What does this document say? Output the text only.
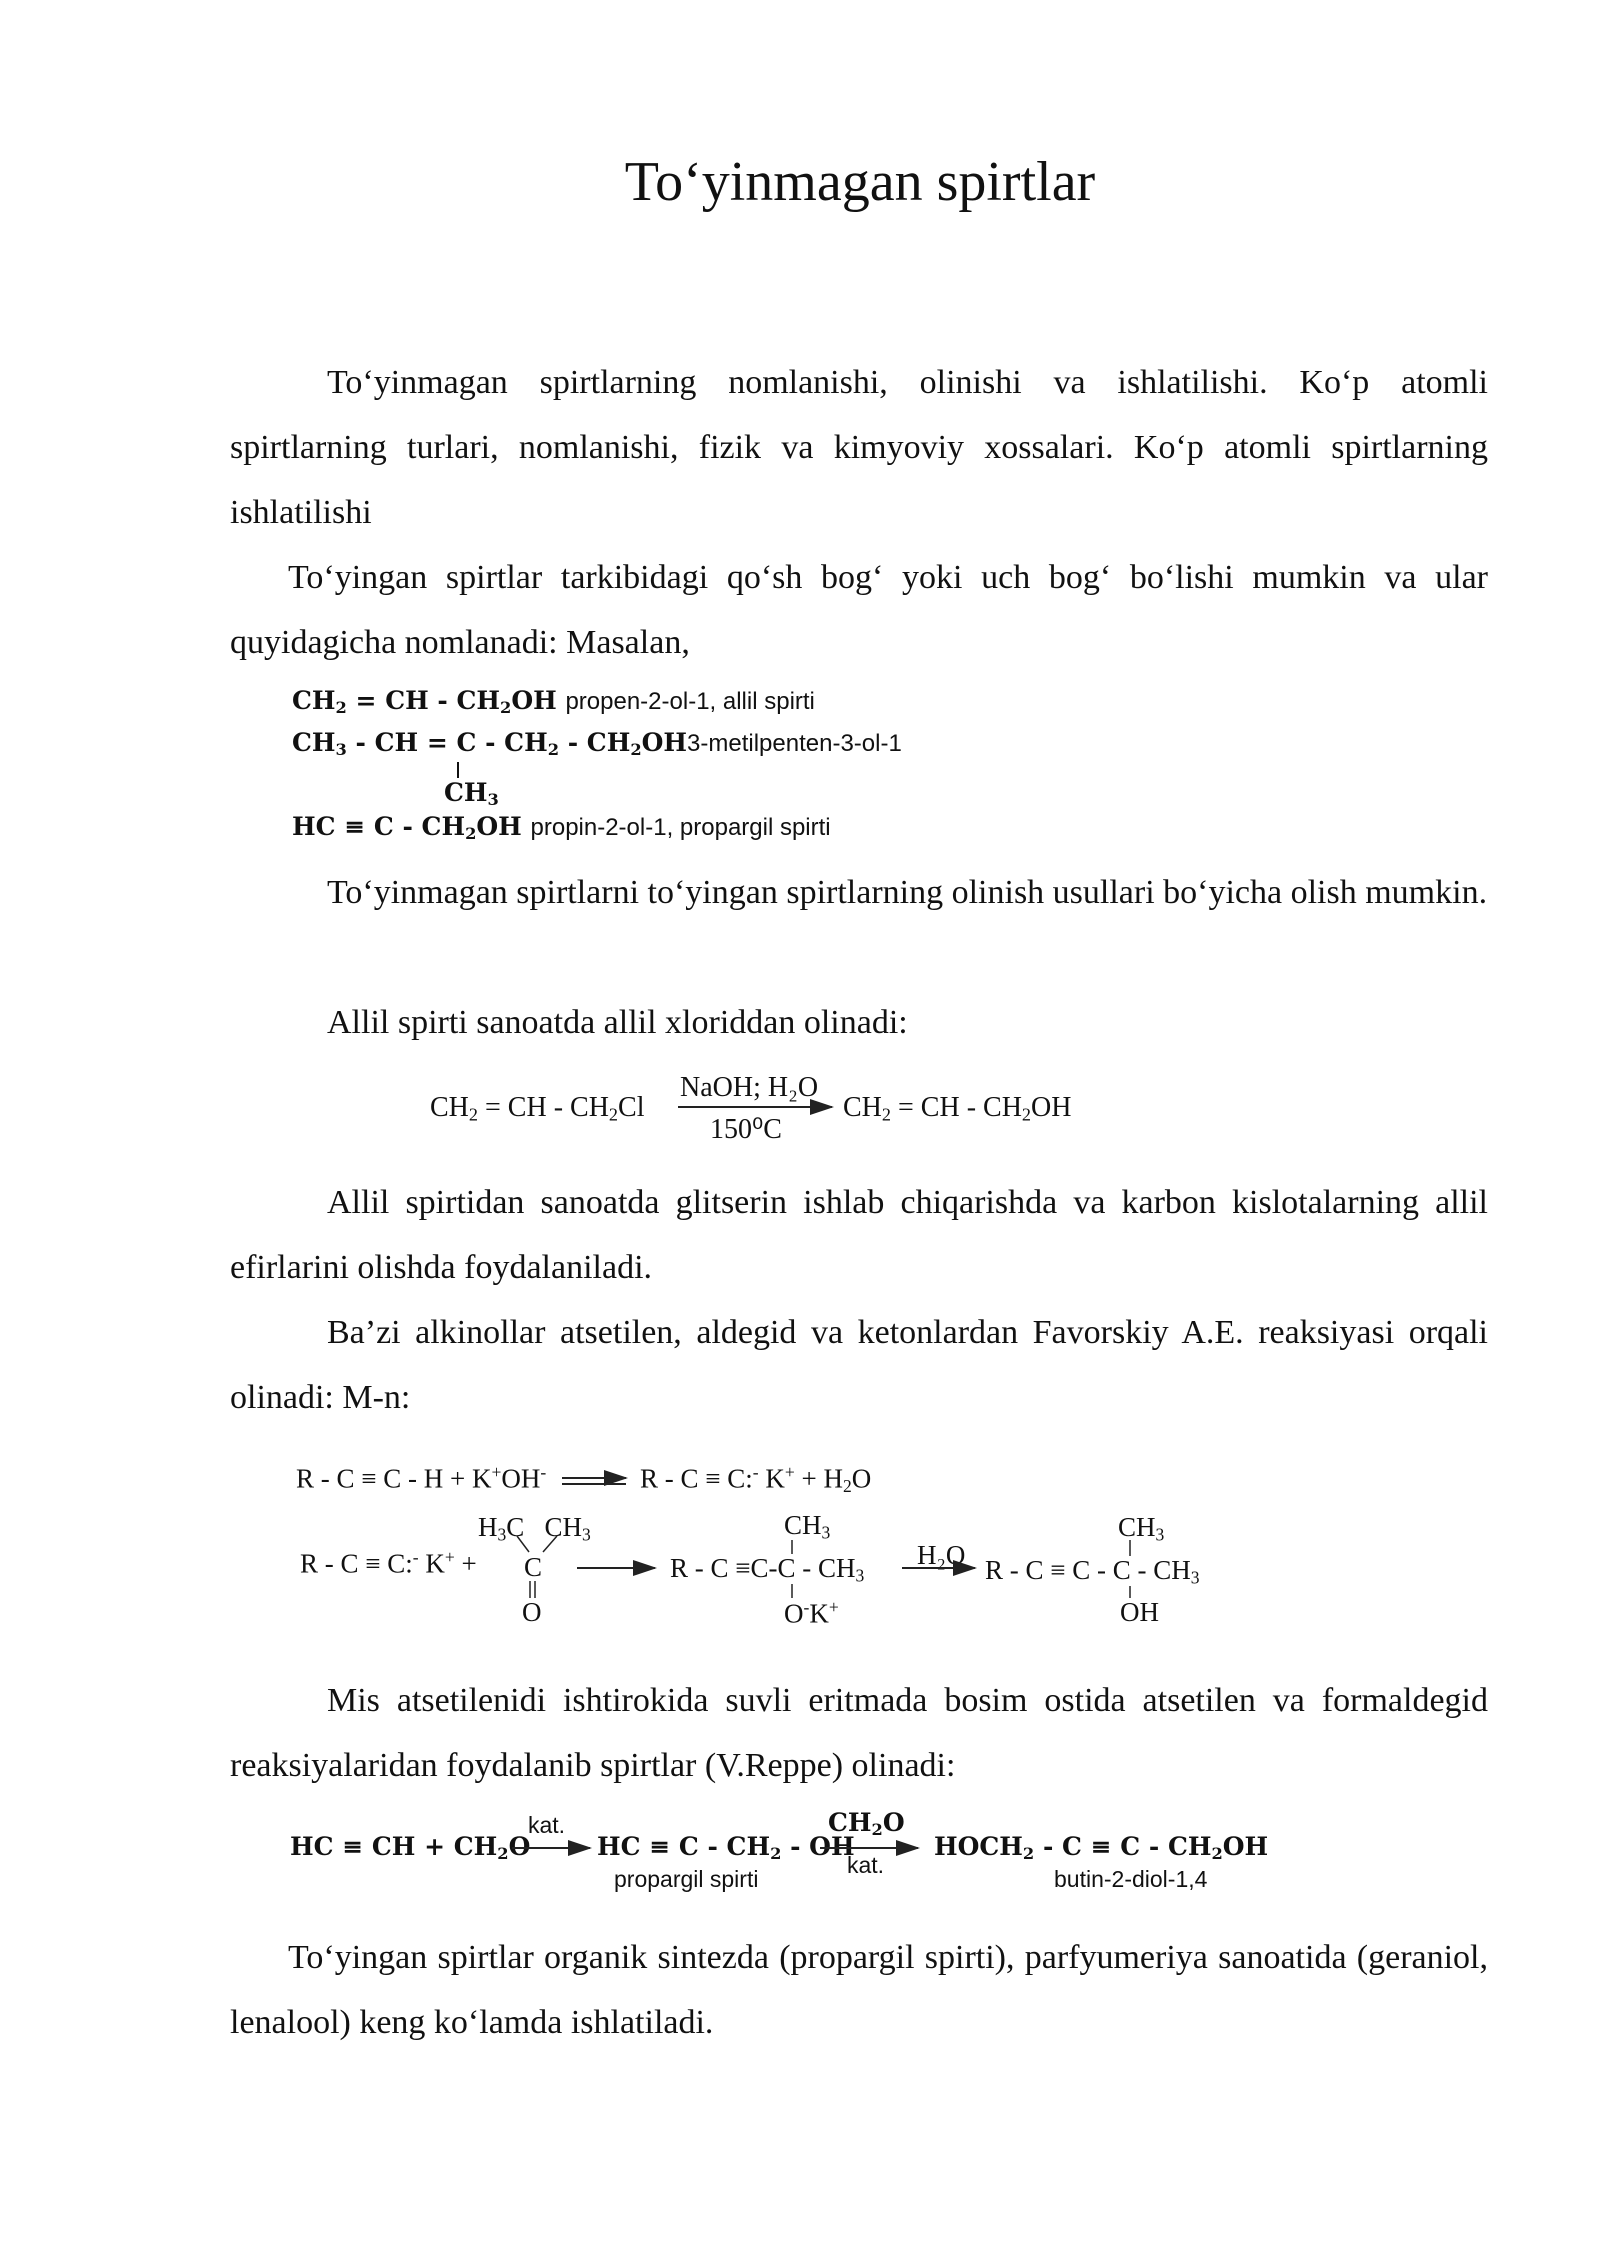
To‘yinmagan spirtlar

To‘yinmagan spirtlarning nomlanishi, olinishi va ishlatilishi. Ko‘p atomli spirtlarning turlari, nomlanishi, fizik va kimyoviy xossalari. Ko‘p atomli spirtlarning ishlatilishi

To‘yingan spirtlar tarkibidagi qo‘sh bog‘ yoki uch bog‘ bo‘lishi mumkin va ular quyidagicha nomlanadi: Masalan,

$CH_2$ = CH - $CH_2OH$ propen-2-ol-1, allil spirti
$CH_3$ - CH = C - $CH_2$ - $CH_2OH3-metilpenten-3-ol-1$
$CH_3$
HC ≡ C - $CH_2OH$ propin-2-ol-1, propargil spirti

To‘yinmagan spirtlarni to‘yingan spirtlarning olinish usullari bo‘yicha olish mumkin.

Allil spirti sanoatda allil xloriddan olinadi:

$CH_2$ = CH - $CH_2Cl$
NaOH; H₂O
150⁰C
$CH_2$ = CH - $CH_2OH$

Allil spirtidan sanoatda glitserin ishlab chiqarishda va karbon kislotalarning allil efirlarini olishda foydalaniladi.

Ba’zi alkinollar atsetilen, aldegid va ketonlardan Favorskiy A.E. reaksiyasi orqali olinadi: M-n:

R - C ≡ C - H + K+OH-	R - C ≡ C:- $K^+ + H_2O$
$H_3C$   $CH_3$
R - C ≡ C:- K+ + C
O
$CH_3$
$R - C \equiv C-C - CH_3$
O-K+
H₂O
$CH_3$
$R - C \equiv C - C - CH_3$
OH

Mis atsetilenidi ishtirokida suvli eritmada bosim ostida atsetilen va formaldegid reaksiyalaridan foydalanib spirtlar (V.Reppe) olinadi:

HC ≡ CH + $CH_2O$
kat.
HC ≡ C - $CH_2$ - OH
propargil spirti
$CH_2O$
kat.
$HOCH_2 - C \equiv C - CH_2OH$
butin-2-diol-1,4

To‘yingan spirtlar organik sintezda (propargil spirti), parfyumeriya sanoatida (geraniol, lenalool) keng ko‘lamda ishlatiladi.
